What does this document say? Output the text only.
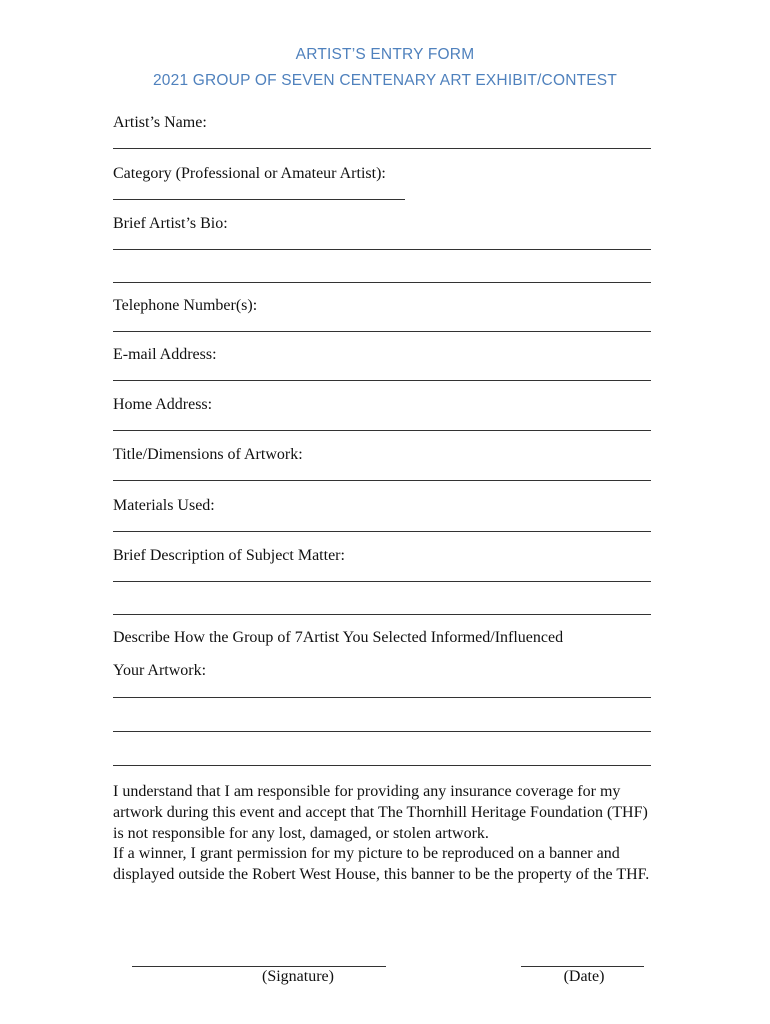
ARTIST’S ENTRY FORM
2021 GROUP OF SEVEN CENTENARY ART EXHIBIT/CONTEST
Artist’s Name:
Category (Professional or Amateur Artist):
Brief Artist’s Bio:
Telephone Number(s):
E-mail Address:
Home Address:
Title/Dimensions of Artwork:
Materials Used:
Brief Description of Subject Matter:
Describe How the Group of 7Artist You Selected Informed/Influenced
Your Artwork:

I understand that I am responsible for providing any insurance coverage for my artwork during this event and accept that The Thornhill Heritage Foundation (THF) is not responsible for any lost, damaged, or stolen artwork.

If a winner, I grant permission for my picture to be reproduced on a banner and displayed outside the Robert West House, this banner to be the property of the THF.

(Signature)	(Date)
